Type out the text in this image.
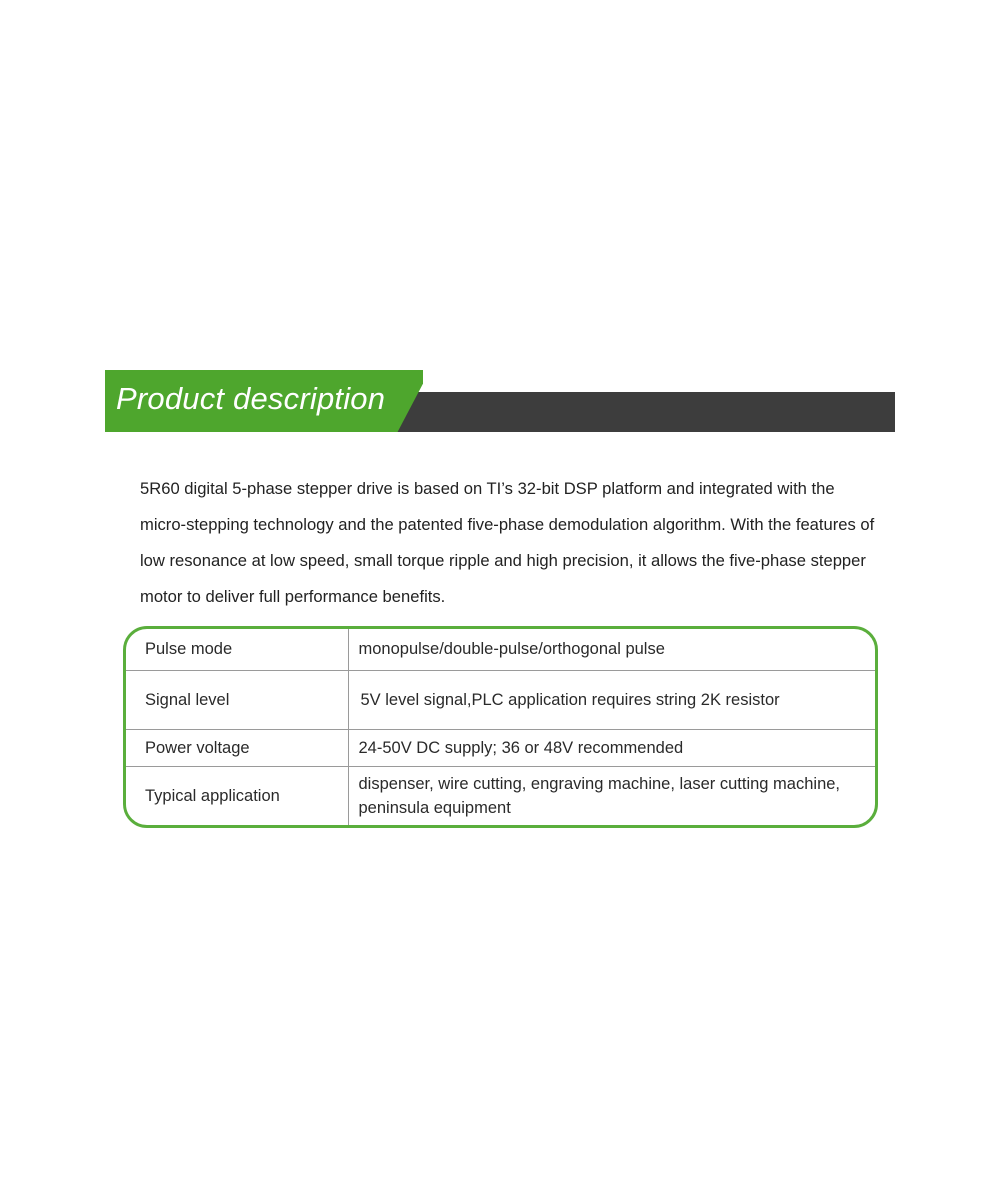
Product description

5R60 digital 5-phase stepper drive is based on TI’s 32-bit DSP platform and integrated with the micro-stepping technology and the patented five-phase demodulation algorithm. With the features of low resonance at low speed, small torque ripple and high precision, it allows the five-phase stepper motor to deliver full performance benefits.

Pulse mode	monopulse/double-pulse/orthogonal pulse
Signal level	5V level signal,PLC application requires string 2K resistor
Power voltage	24-50V DC supply; 36 or 48V recommended
Typical application	dispenser, wire cutting, engraving machine, laser cutting machine, peninsula equipment
